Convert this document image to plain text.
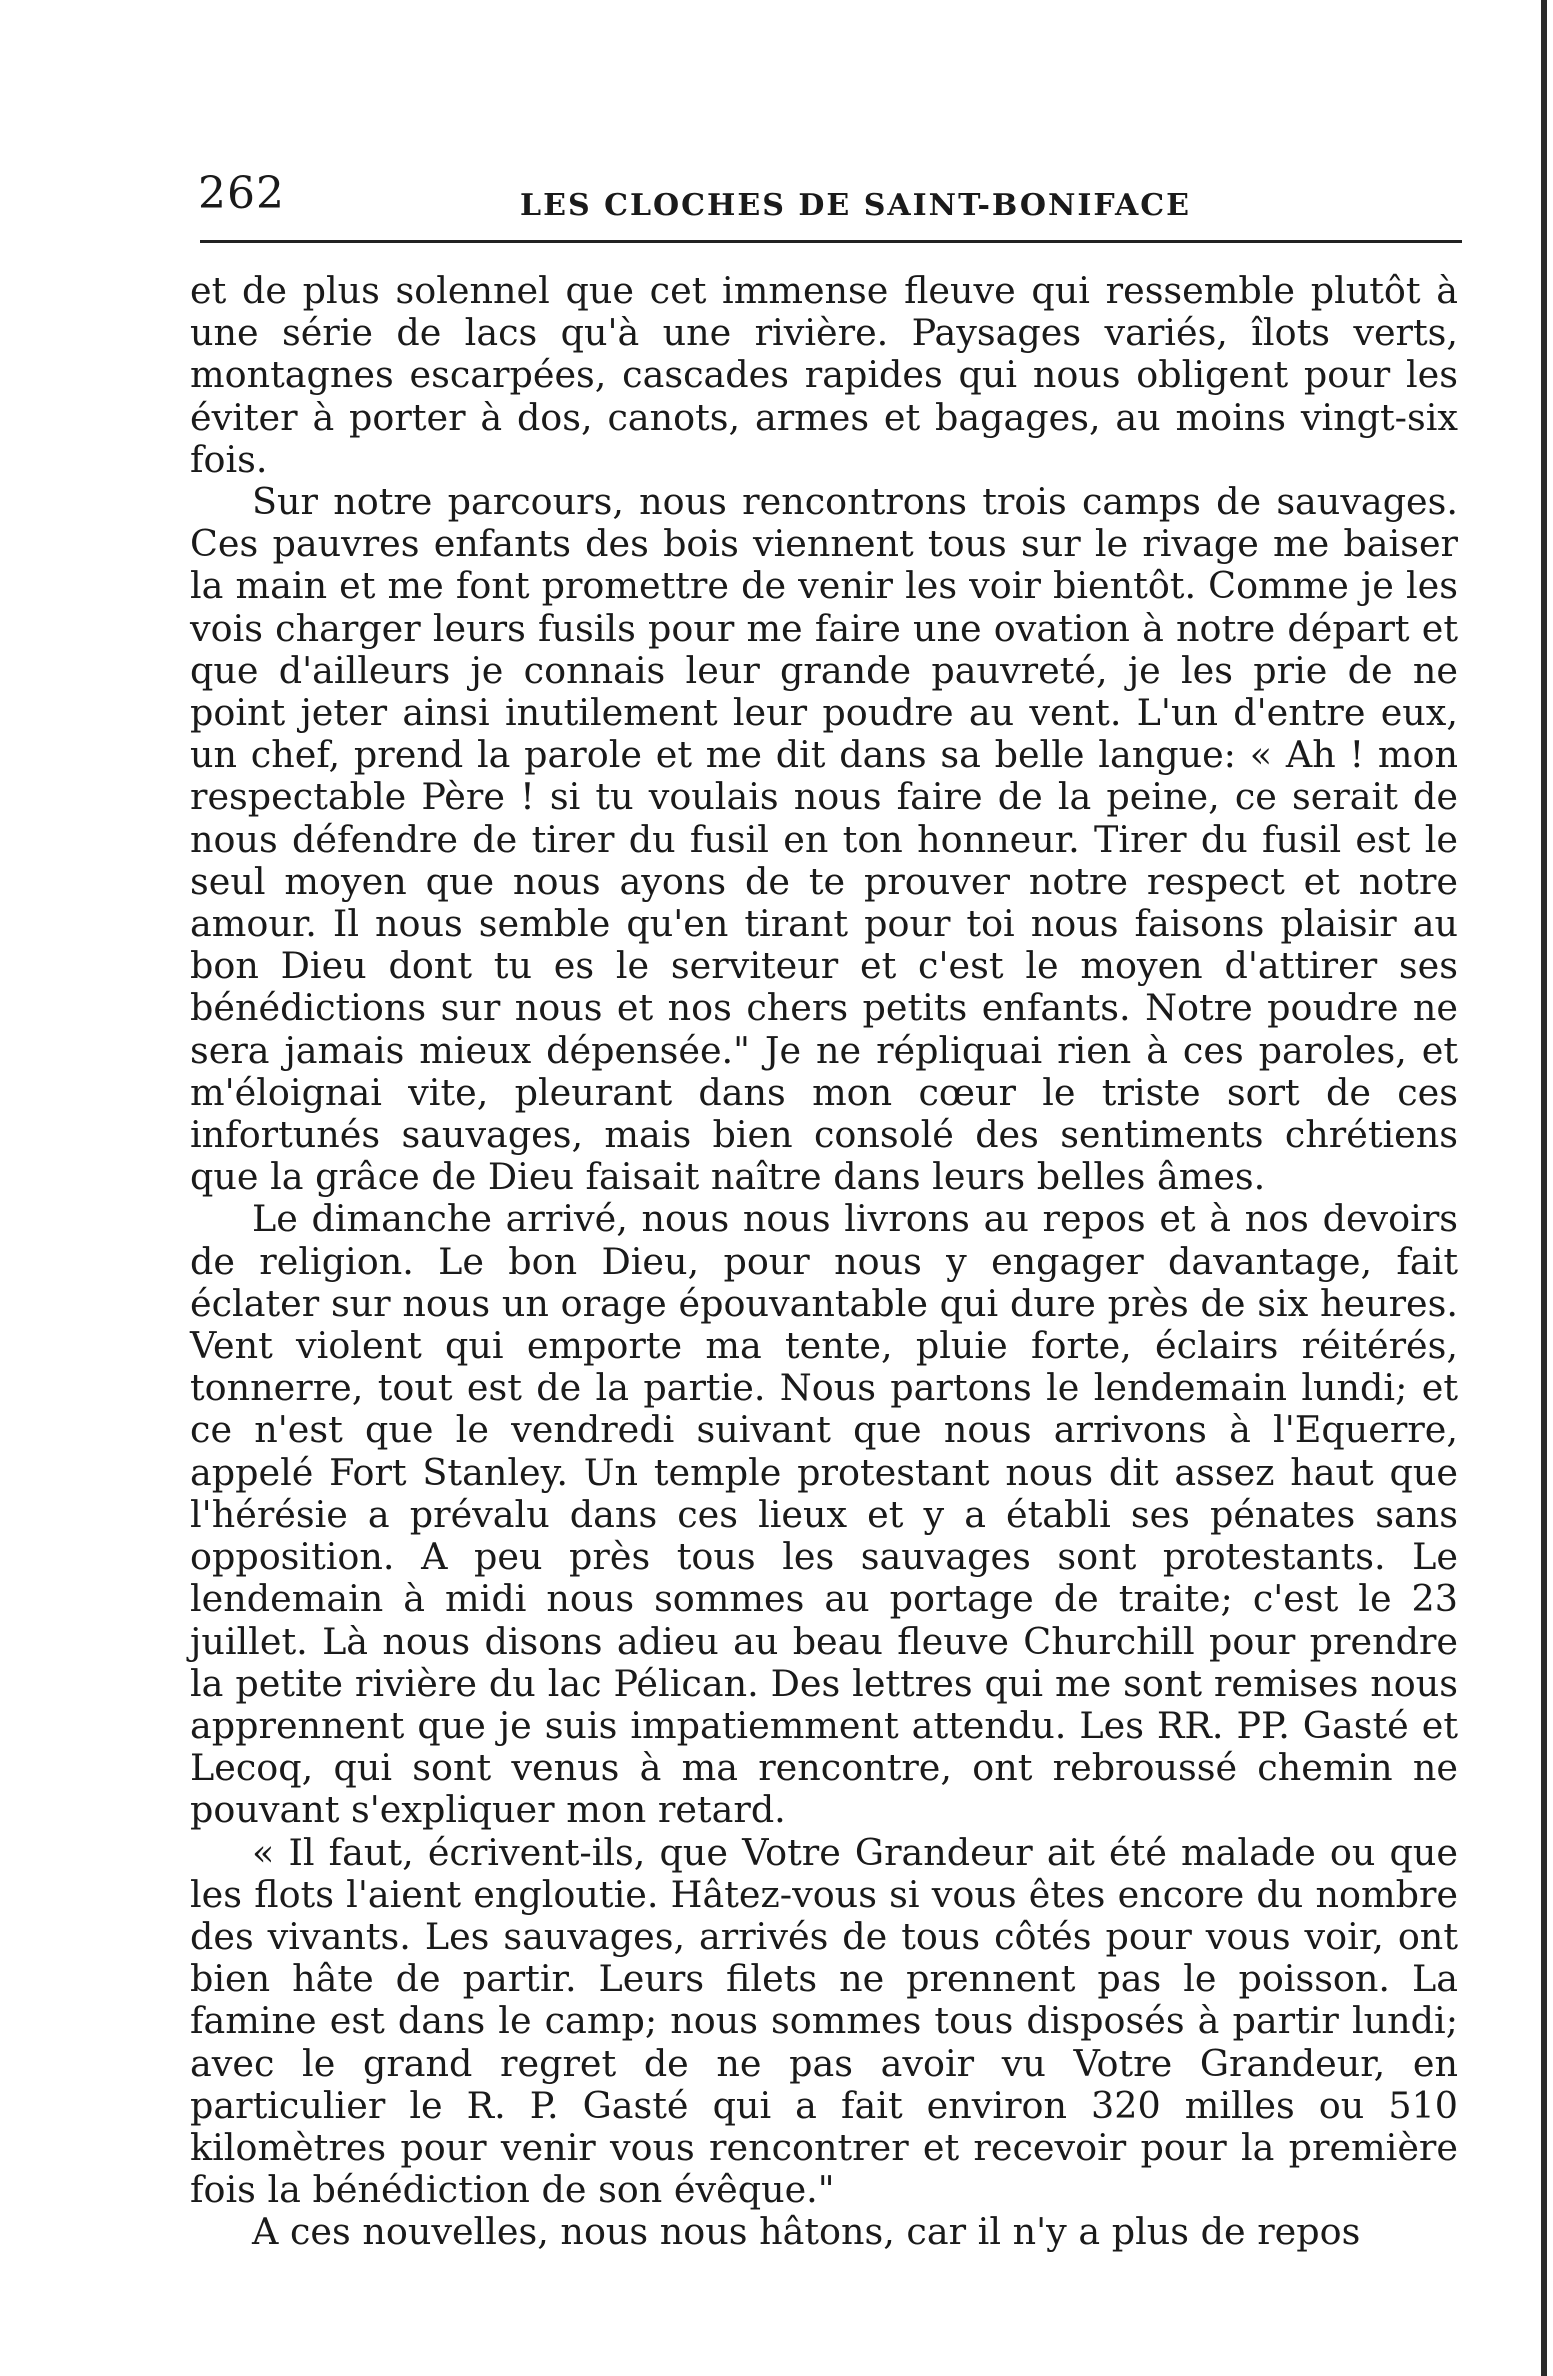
262	LES CLOCHES DE SAINT-BONIFACE

et de plus solennel que cet immense fleuve qui ressemble plutôt à une série de lacs qu'à une rivière. Paysages variés, îlots verts, montagnes escarpées, cascades rapides qui nous obligent pour les éviter à porter à dos, canots, armes et bagages, au moins vingt-six fois.

Sur notre parcours, nous rencontrons trois camps de sauvages. Ces pauvres enfants des bois viennent tous sur le rivage me baiser la main et me font promettre de venir les voir bientôt. Comme je les vois charger leurs fusils pour me faire une ovation à notre départ et que d'ailleurs je connais leur grande pauvreté, je les prie de ne point jeter ainsi inutilement leur poudre au vent. L'un d'entre eux, un chef, prend la parole et me dit dans sa belle langue: « Ah ! mon respectable Père ! si tu voulais nous faire de la peine, ce serait de nous défendre de tirer du fusil en ton honneur. Tirer du fusil est le seul moyen que nous ayons de te prouver notre respect et notre amour. Il nous semble qu'en tirant pour toi nous faisons plaisir au bon Dieu dont tu es le serviteur et c'est le moyen d'attirer ses bénédictions sur nous et nos chers petits enfants. Notre poudre ne sera jamais mieux dépensée." Je ne répliquai rien à ces paroles, et m'éloignai vite, pleurant dans mon cœur le triste sort de ces infortunés sauvages, mais bien consolé des sentiments chrétiens que la grâce de Dieu faisait naître dans leurs belles âmes.

Le dimanche arrivé, nous nous livrons au repos et à nos devoirs de religion. Le bon Dieu, pour nous y engager davantage, fait éclater sur nous un orage épouvantable qui dure près de six heures. Vent violent qui emporte ma tente, pluie forte, éclairs réitérés, tonnerre, tout est de la partie. Nous partons le lendemain lundi; et ce n'est que le vendredi suivant que nous arrivons à l'Equerre, appelé Fort Stanley. Un temple protestant nous dit assez haut que l'hérésie a prévalu dans ces lieux et y a établi ses pénates sans opposition. A peu près tous les sauvages sont protestants. Le lendemain à midi nous sommes au portage de traite; c'est le 23 juillet. Là nous disons adieu au beau fleuve Churchill pour prendre la petite rivière du lac Pélican. Des lettres qui me sont remises nous apprennent que je suis impatiemment attendu. Les RR. PP. Gasté et Lecoq, qui sont venus à ma rencontre, ont rebroussé chemin ne pouvant s'expliquer mon retard.

« Il faut, écrivent-ils, que Votre Grandeur ait été malade ou que les flots l'aient engloutie. Hâtez-vous si vous êtes encore du nombre des vivants. Les sauvages, arrivés de tous côtés pour vous voir, ont bien hâte de partir. Leurs filets ne prennent pas le poisson. La famine est dans le camp; nous sommes tous disposés à partir lundi; avec le grand regret de ne pas avoir vu Votre Grandeur, en particulier le R. P. Gasté qui a fait environ 320 milles ou 510 kilomètres pour venir vous rencontrer et recevoir pour la première fois la bénédiction de son évêque."

A ces nouvelles, nous nous hâtons, car il n'y a plus de repos
